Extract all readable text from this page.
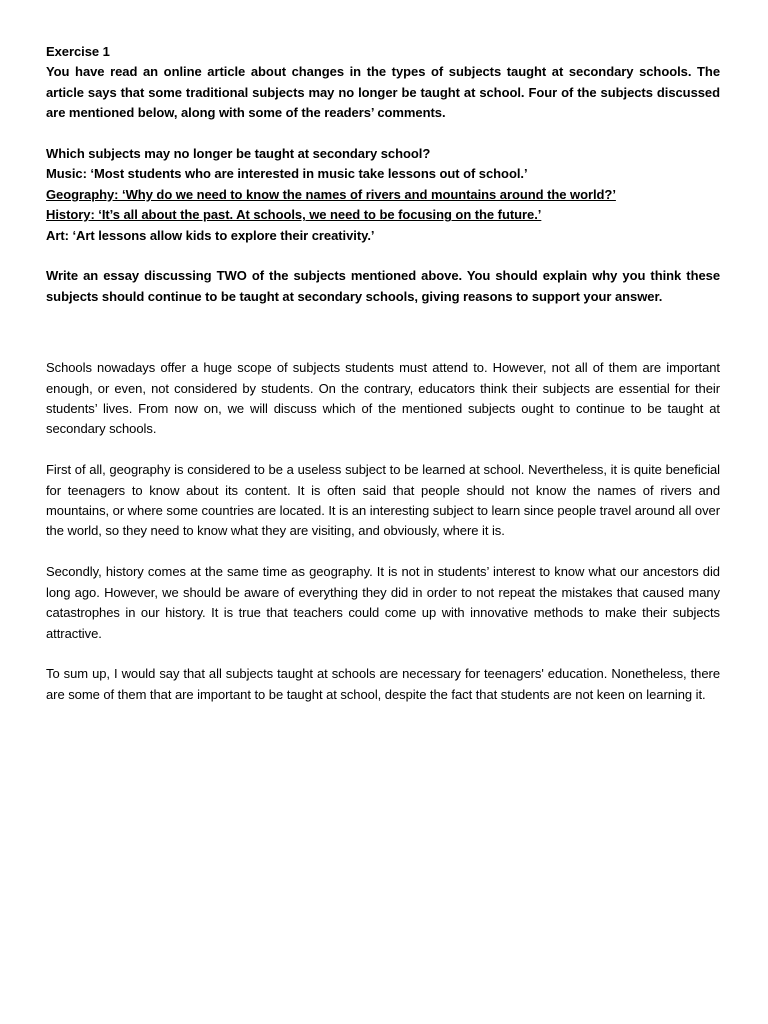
Exercise 1

You have read an online article about changes in the types of subjects taught at secondary schools. The article says that some traditional subjects may no longer be taught at school. Four of the subjects discussed are mentioned below, along with some of the readers’ comments.

Which subjects may no longer be taught at secondary school?

Music: ‘Most students who are interested in music take lessons out of school.’

Geography: ‘Why do we need to know the names of rivers and mountains around the world?’

History: ‘It’s all about the past. At schools, we need to be focusing on the future.’

Art: ‘Art lessons allow kids to explore their creativity.’

Write an essay discussing TWO of the subjects mentioned above. You should explain why you think these subjects should continue to be taught at secondary schools, giving reasons to support your answer.

Schools nowadays offer a huge scope of subjects students must attend to. However, not all of them are important enough, or even, not considered by students. On the contrary, educators think their subjects are essential for their students’ lives. From now on, we will discuss which of the mentioned subjects ought to continue to be taught at secondary schools.

First of all, geography is considered to be a useless subject to be learned at school. Nevertheless, it is quite beneficial for teenagers to know about its content. It is often said that people should not know the names of rivers and mountains, or where some countries are located. It is an interesting subject to learn since people travel around all over the world, so they need to know what they are visiting, and obviously, where it is.

Secondly, history comes at the same time as geography. It is not in students’ interest to know what our ancestors did long ago. However, we should be aware of everything they did in order to not repeat the mistakes that caused many catastrophes in our history. It is true that teachers could come up with innovative methods to make their subjects attractive.

To sum up, I would say that all subjects taught at schools are necessary for teenagers' education. Nonetheless, there are some of them that are important to be taught at school, despite the fact that students are not keen on learning it.
